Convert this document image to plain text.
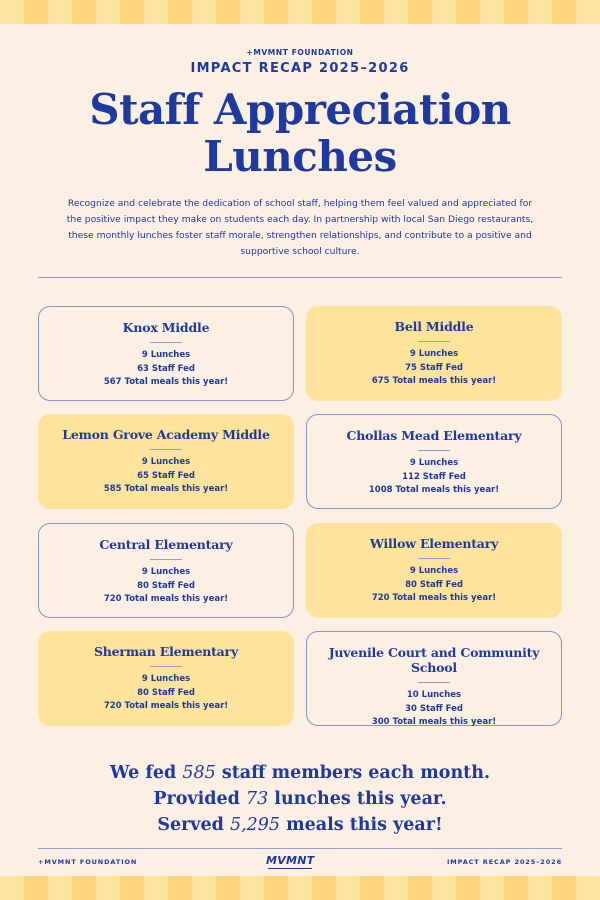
+MVMNT FOUNDATION
IMPACT RECAP 2025–2026
Staff Appreciation
Lunches

Recognize and celebrate the dedication of school staff, helping them feel valued and appreciated for the positive impact they make on students each day. In partnership with local San Diego restaurants, these monthly lunches foster staff morale, strengthen relationships, and contribute to a positive and supportive school culture.

Knox Middle
9 Lunches
63 Staff Fed
567 Total meals this year!
Bell Middle
9 Lunches
75 Staff Fed
675 Total meals this year!
Lemon Grove Academy Middle
9 Lunches
65 Staff Fed
585 Total meals this year!
Chollas Mead Elementary
9 Lunches
112 Staff Fed
1008 Total meals this year!
Central Elementary
9 Lunches
80 Staff Fed
720 Total meals this year!
Willow Elementary
9 Lunches
80 Staff Fed
720 Total meals this year!
Sherman Elementary
9 Lunches
80 Staff Fed
720 Total meals this year!
Juvenile Court and Community School
10 Lunches
30 Staff Fed
300 Total meals this year!
We fed 585 staff members each month.
Provided 73 lunches this year.
Served 5,295 meals this year!
+MVMNT FOUNDATION	MVMNT	IMPACT RECAP 2025–2026
